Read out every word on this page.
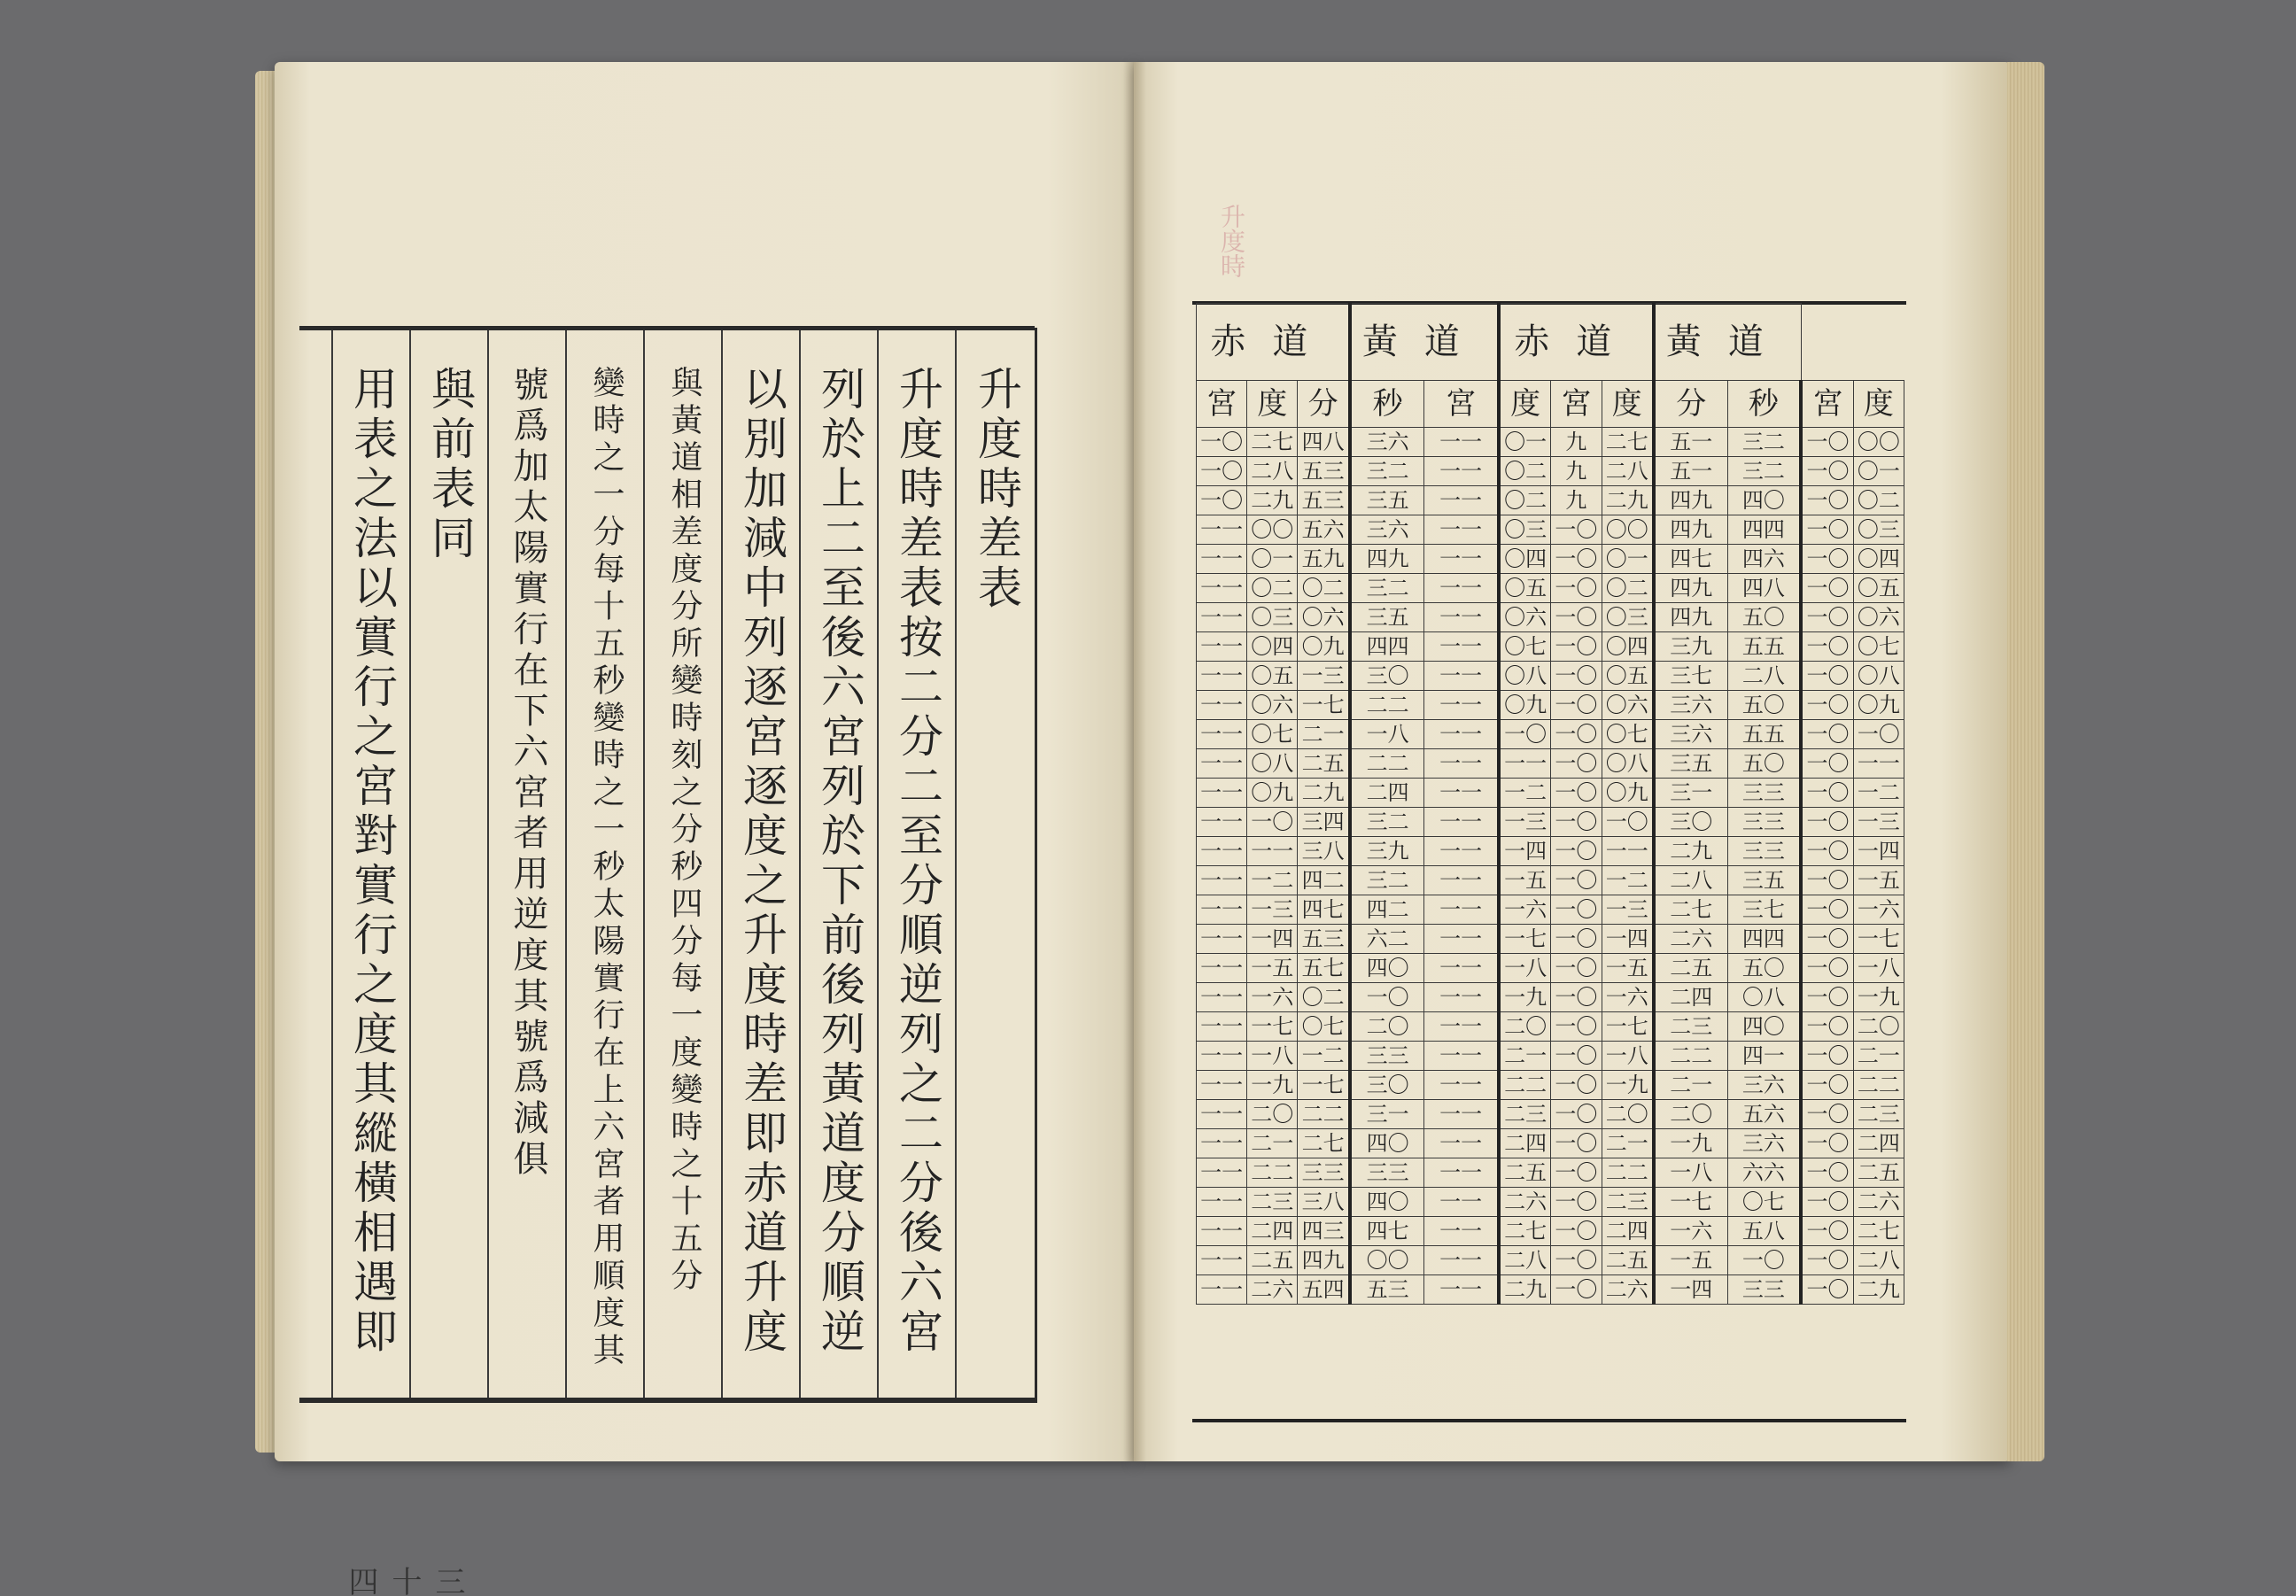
升度時差表
升度時差表按二分二至分順逆列之二分後六宮
列於上二至後六宮列於下前後列黃道度分順逆
以別加減中列逐宮逐度之升度時差即赤道升度
與黃道相差度分所變時刻之分秒四分每一度變時之十五分
變時之一分每十五秒變時之一秒太陽實行在上六宮者用順度其
號爲加太陽實行在下六宮者用逆度其號爲減俱
與前表同
用表之法以實行之宮對實行之度其縱橫相遇即
三十四
升度時
赤道			黃道		赤道			黃道			
宮	度	分	秒	宮	度	宮	度	分	秒	宮	度
一〇	二七	四八	三六	一一	〇一	九	二七	五一	三二	一〇	〇〇
一〇	二八	五三	三二	一一	〇二	九	二八	五一	三二	一〇	〇一
一〇	二九	五三	三五	一一	〇二	九	二九	四九	四〇	一〇	〇二
一一	〇〇	五六	三六	一一	〇三	一〇	〇〇	四九	四四	一〇	〇三
一一	〇一	五九	四九	一一	〇四	一〇	〇一	四七	四六	一〇	〇四
一一	〇二	〇二	三二	一一	〇五	一〇	〇二	四九	四八	一〇	〇五
一一	〇三	〇六	三五	一一	〇六	一〇	〇三	四九	五〇	一〇	〇六
一一	〇四	〇九	四四	一一	〇七	一〇	〇四	三九	五五	一〇	〇七
一一	〇五	一三	三〇	一一	〇八	一〇	〇五	三七	二八	一〇	〇八
一一	〇六	一七	二二	一一	〇九	一〇	〇六	三六	五〇	一〇	〇九
一一	〇七	二一	一八	一一	一〇	一〇	〇七	三六	五五	一〇	一〇
一一	〇八	二五	二二	一一	一一	一〇	〇八	三五	五〇	一〇	一一
一一	〇九	二九	二四	一一	一二	一〇	〇九	三一	三三	一〇	一二
一一	一〇	三四	三二	一一	一三	一〇	一〇	三〇	三三	一〇	一三
一一	一一	三八	三九	一一	一四	一〇	一一	二九	三三	一〇	一四
一一	一二	四二	三二	一一	一五	一〇	一二	二八	三五	一〇	一五
一一	一三	四七	四二	一一	一六	一〇	一三	二七	三七	一〇	一六
一一	一四	五三	六二	一一	一七	一〇	一四	二六	四四	一〇	一七
一一	一五	五七	四〇	一一	一八	一〇	一五	二五	五〇	一〇	一八
一一	一六	〇二	一〇	一一	一九	一〇	一六	二四	〇八	一〇	一九
一一	一七	〇七	二〇	一一	二〇	一〇	一七	二三	四〇	一〇	二〇
一一	一八	一二	三三	一一	二一	一〇	一八	二二	四一	一〇	二一
一一	一九	一七	三〇	一一	二二	一〇	一九	二一	三六	一〇	二二
一一	二〇	二二	三一	一一	二三	一〇	二〇	二〇	五六	一〇	二三
一一	二一	二七	四〇	一一	二四	一〇	二一	一九	三六	一〇	二四
一一	二二	三三	三三	一一	二五	一〇	二二	一八	六六	一〇	二五
一一	二三	三八	四〇	一一	二六	一〇	二三	一七	〇七	一〇	二六
一一	二四	四三	四七	一一	二七	一〇	二四	一六	五八	一〇	二七
一一	二五	四九	〇〇	一一	二八	一〇	二五	一五	一〇	一〇	二八
一一	二六	五四	五三	一一	二九	一〇	二六	一四	三三	一〇	二九
